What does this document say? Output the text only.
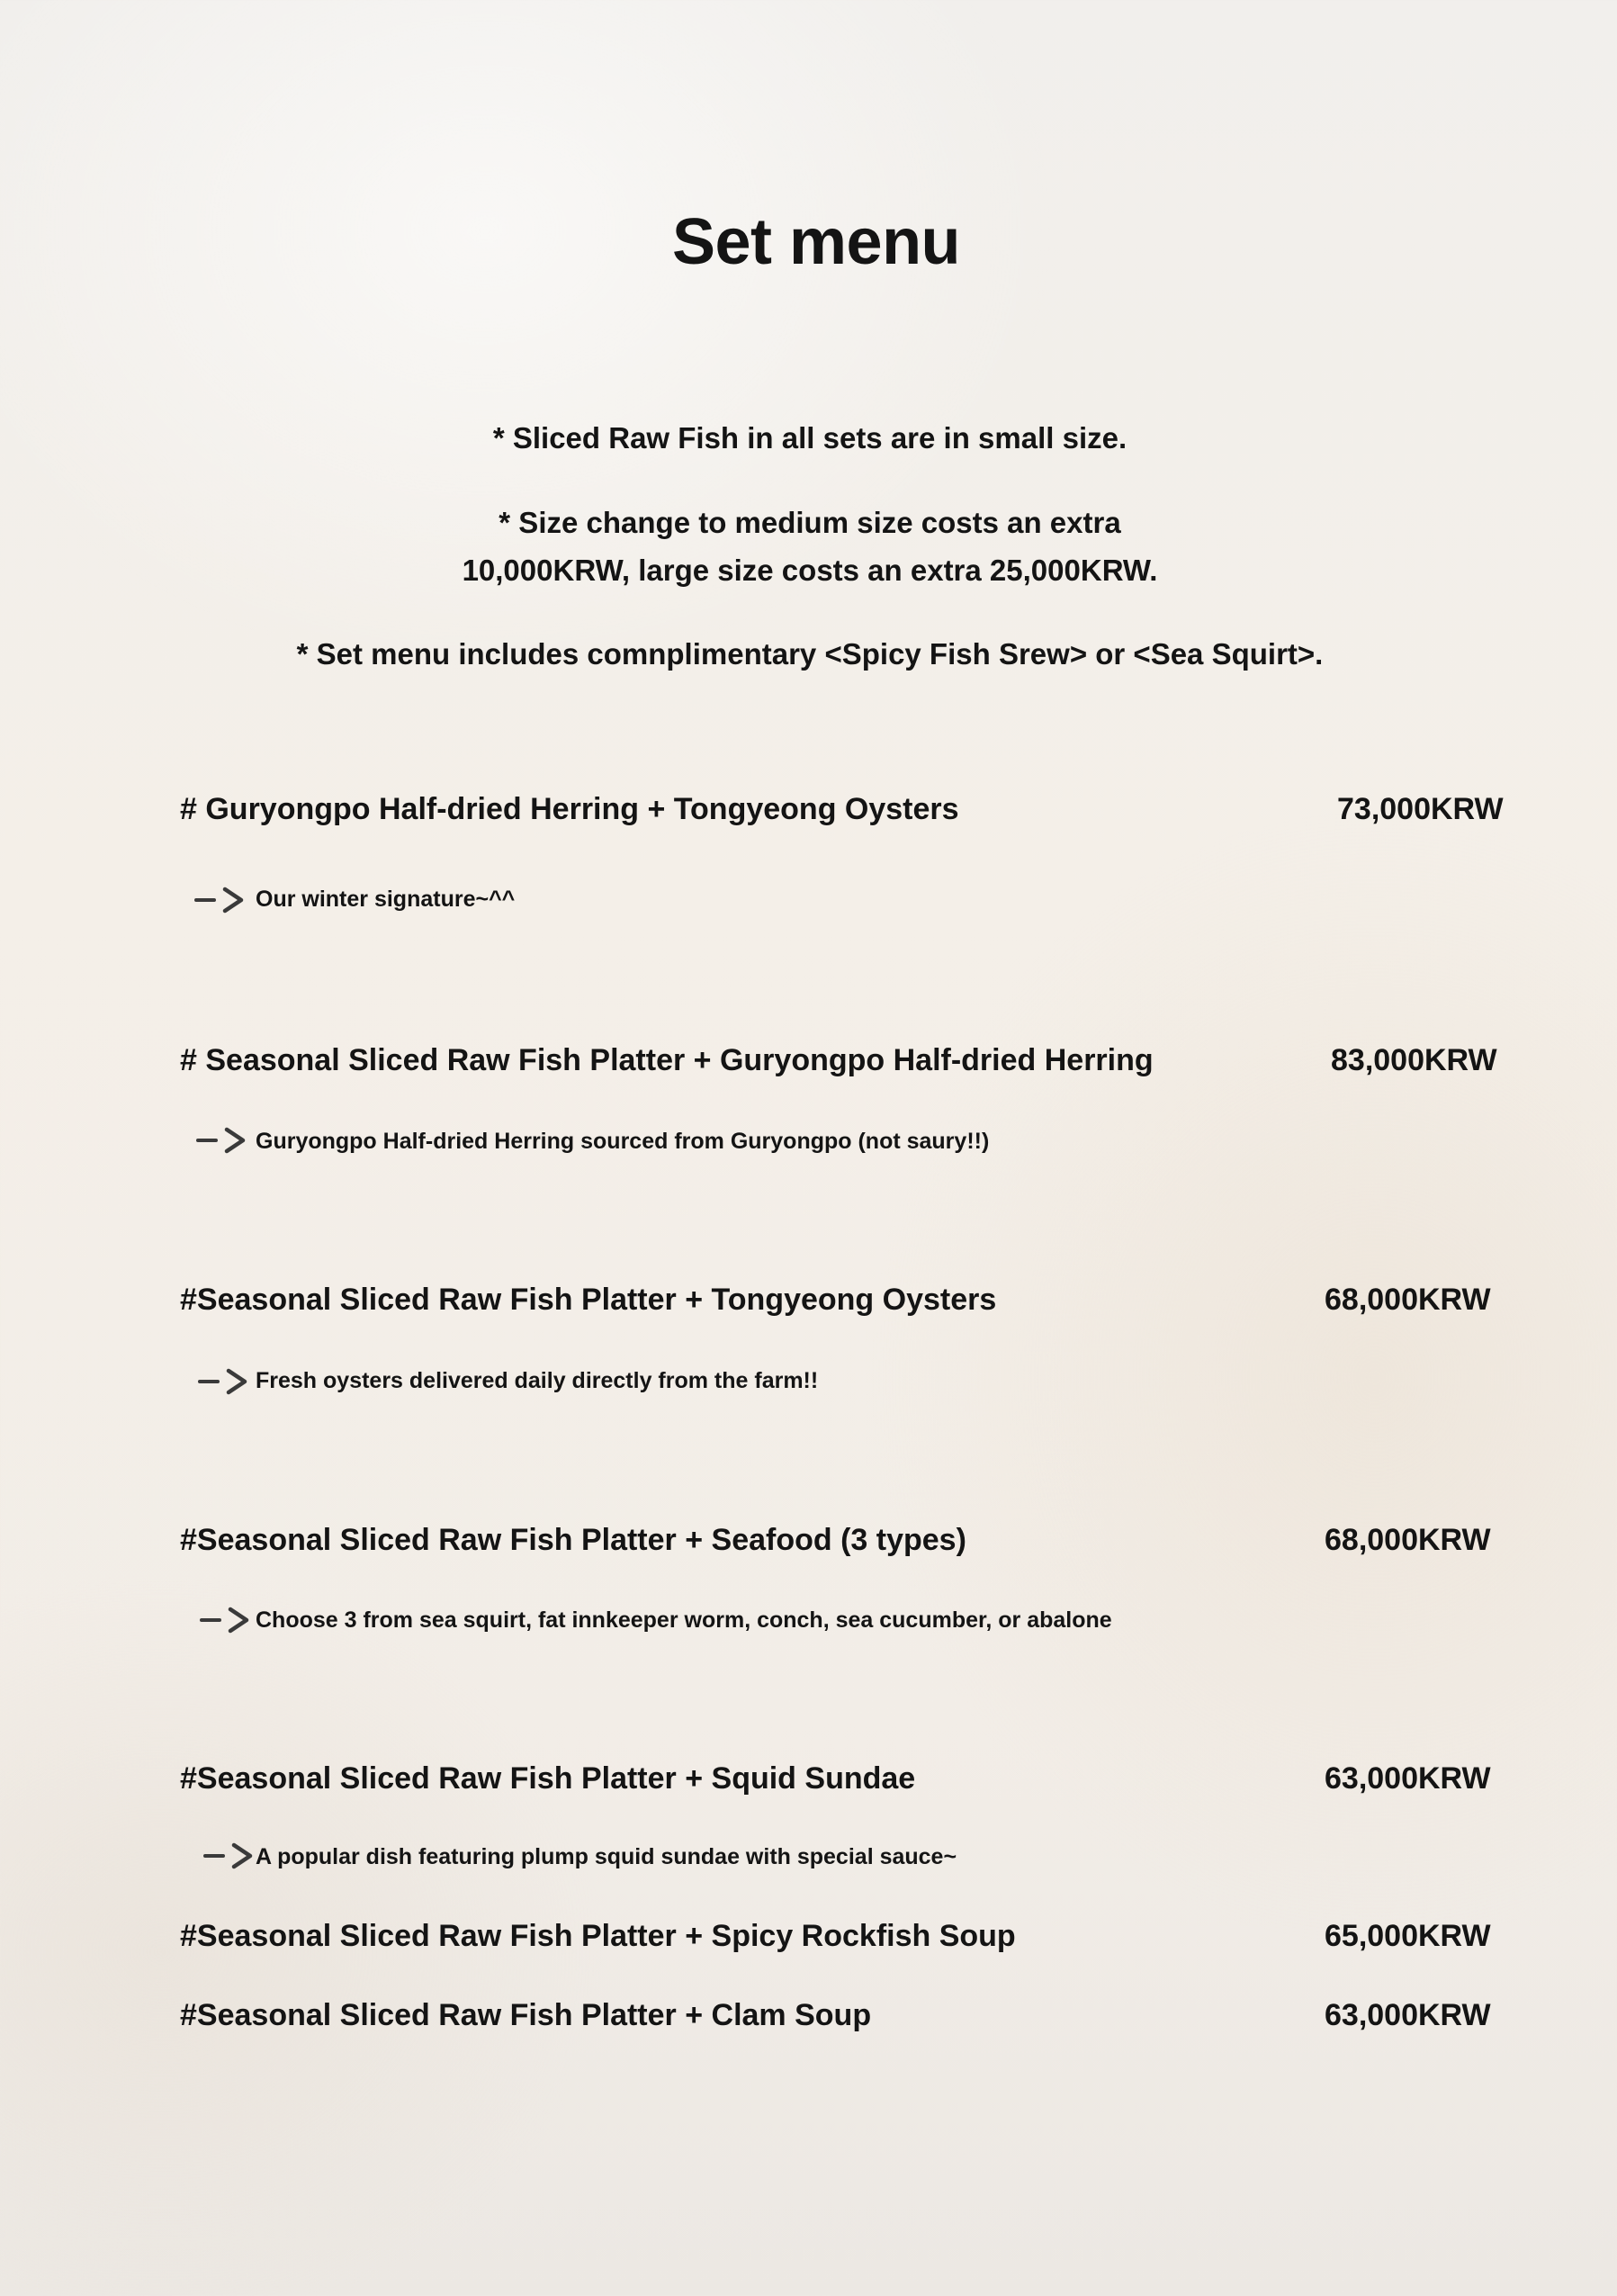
Set menu
* Sliced Raw Fish in all sets are in small size.
* Size change to medium size costs an extra
10,000KRW, large size costs an extra 25,000KRW.
* Set menu includes comnplimentary <Spicy Fish Srew> or <Sea Squirt>.
# Guryongpo Half-dried Herring + Tongyeong Oysters	73,000KRW
Our winter signature~^^
# Seasonal Sliced Raw Fish Platter + Guryongpo Half-dried Herring	83,000KRW
Guryongpo Half-dried Herring sourced from Guryongpo (not saury!!)
#Seasonal Sliced Raw Fish Platter + Tongyeong Oysters	68,000KRW
Fresh oysters delivered daily directly from the farm!!
#Seasonal Sliced Raw Fish Platter + Seafood (3 types)	68,000KRW
Choose 3 from sea squirt, fat innkeeper worm, conch, sea cucumber, or abalone
#Seasonal Sliced Raw Fish Platter + Squid Sundae	63,000KRW
A popular dish featuring plump squid sundae with special sauce~
#Seasonal Sliced Raw Fish Platter + Spicy Rockfish Soup	65,000KRW
#Seasonal Sliced Raw Fish Platter + Clam Soup	63,000KRW
